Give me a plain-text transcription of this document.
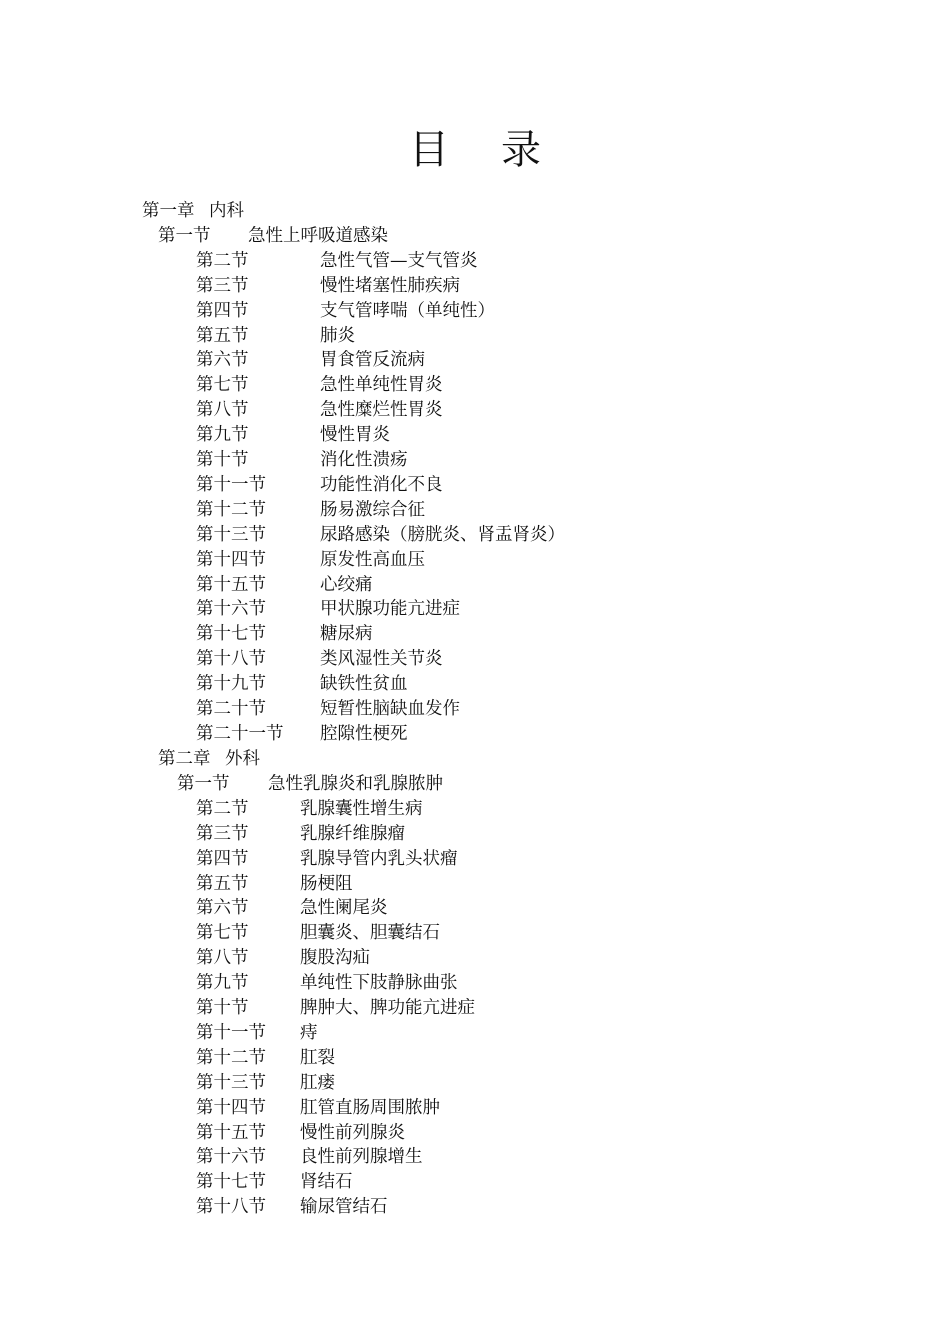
目 录
第一章 内科
第一节 急性上呼吸道感染
第二节	急性气管—支气管炎
第三节	慢性堵塞性肺疾病
第四节	支气管哮喘（单纯性）
第五节	肺炎
第六节	胃食管反流病
第七节	急性单纯性胃炎
第八节	急性糜烂性胃炎
第九节	慢性胃炎
第十节	消化性溃疡
第十一节	功能性消化不良
第十二节	肠易激综合征
第十三节	尿路感染（膀胱炎、肾盂肾炎）
第十四节	原发性高血压
第十五节	心绞痛
第十六节	甲状腺功能亢进症
第十七节	糖尿病
第十八节	类风湿性关节炎
第十九节	缺铁性贫血
第二十节	短暂性脑缺血发作
第二十一节 腔隙性梗死
第二章 外科
第一节 急性乳腺炎和乳腺脓肿
第二节	乳腺囊性增生病
第三节	乳腺纤维腺瘤
第四节	乳腺导管内乳头状瘤
第五节	肠梗阻
第六节	急性阑尾炎
第七节	胆囊炎、胆囊结石
第八节	腹股沟疝
第九节	单纯性下肢静脉曲张
第十节	脾肿大、脾功能亢进症
第十一节 痔
第十二节 肛裂
第十三节 肛瘘
第十四节 肛管直肠周围脓肿
第十五节 慢性前列腺炎
第十六节 良性前列腺增生
第十七节 肾结石
第十八节 输尿管结石
